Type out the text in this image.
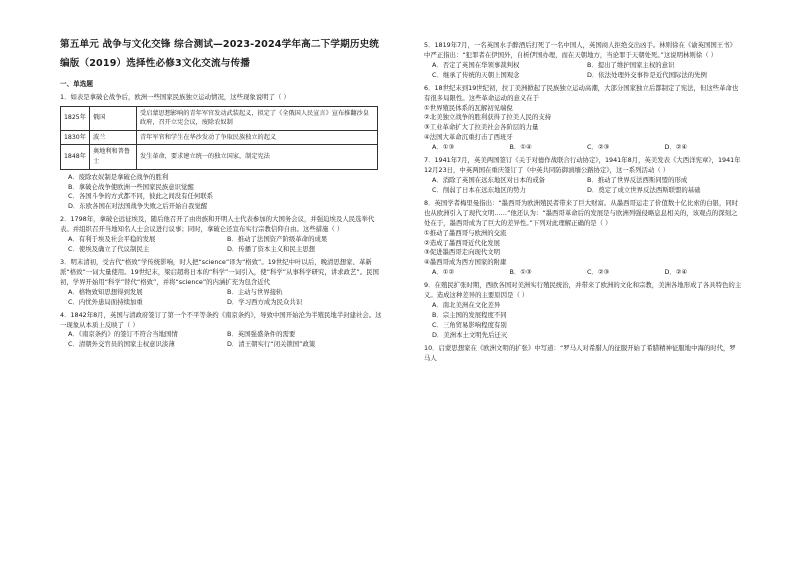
第五单元 战争与文化交锋 综合测试—2023-2024学年高二下学期历史统编版（2019）选择性必修3文化交流与传播
一、单选题
1．如表是拿破仑战争后，欧洲一些国家民族独立运动情况，这些现象说明了（ ）
1825年	俄国	受启蒙思想影响的青年军官发动武装起义，拟定了《全俄国人民宣言》宣布推翻沙皇政府，召开立宪会议，废除农奴制
1830年	波兰	青年军官和学生在华沙发动了争取民族独立的起义
1848年	奥地利和普鲁士	发生革命，要求建立统一的独立国家，制定宪法
A．废除农奴制是拿破仑战争的胜利
B．拿破仑战争使欧洲一些国家民族意识觉醒
C．各国斗争的方式都不同，彼此之间没有任何联系
D．东欧各国在对法国战争失败之后开始自我觉醒
2．1798年，拿破仑远征埃及，随后他召开了由贵族和开明人士代表参加的大国务会议，并强迫埃及人民选举代表。并组织召开当地知名人士会议进行议事；同时，拿破仑还宣布实行宗教信仰自由。这些措施（ ）
A．有利于埃及社会平稳的发展	B．推动了法国资产阶级革命的成果
C．使埃及确立了代议制民主	D．传播了资本主义和民主思想
3．明末清初，受古代“格致”学传统影响，时人把“science”译为“格致”。19世纪中叶以后，晚清思想家、革新派“格致”一词大量使用。19世纪末，梁启超将日本的“科学”一词引入，使“科学”从事科学研究，讲求政艺”。民国初，学界开始用“科学”替代“格致”，并将“science”的内涵扩充为包含近代
A．格物致知思想得到发展	B．主动与世界接轨
C．内忧外患局面持续加重	D．学习西方成为民众共识
4．1842年8月，英国与清政府签订了第一个不平等条约《南京条约》，导致中国开始沦为半殖民地半封建社会。这一现象从本质上反映了（ ）
A．《南京条约》的签订不符合当地国情	B．英国强盛条件的需要
C．清朝外交官员的国家主权意识淡薄	D．清王朝实行“闭关锁国”政策
5．1819年7月，一名英国水手醉酒后打死了一名中国人，英国商人拒绝交出凶手。林则徐在《谕英国国王书》中严正指出：“犯罪者在伊国外，自析伊国办理，而在天朝地方，当论罪于天朝处死。”这说明林则徐（ ）
A．否定了英国在华领事裁判权	B．提出了维护国家主权的意识
C．继承了传统的天朝上国观念	D．依法处理外交事件是近代国际法的先例
6．18世纪末到19世纪初，拉丁美洲掀起了民族独立运动高潮，大部分国家独立后都制定了宪法，但这些革命也有很多局限性。这些革命运动的意义在于
①世界殖民体系的瓦解初见端倪
②北美独立战争的胜利获得了拉美人民的支持
③工业革命扩大了拉美社会各阶层的力量
④法国大革命沉重打击了西班牙
A．①③	B．①④	C．②③	D．②④
7．1941年7月，英美两国签订《关于对德作战联合行动协定》，1941年8月，英美发表《大西洋宪章》，1941年12月23日，中英两国在重庆签订了《中英共同防御滇缅公路协定》，这一系列活动（ ）
A．消除了英国在远东地区对日本的戒备	B．推动了世界反法西斯同盟的形成
C．削弱了日本在远东地区的势力	D．奠定了成立世界反法西斯联盟的基础
8．英国学者梅里曼指出：“墨西哥为欧洲殖民者带来了巨大财富。从墨西哥运走了价值数十亿比索的白银，同时也从欧洲引入了现代文明……”他还认为：“墨西哥革命后的发展是与欧洲列强侵略息息相关的，该观点的深刻之处在于，墨西哥成为了巨大的差异性。”下列对此理解正确的是（ ）
①推动了墨西哥与欧洲的交流
②造成了墨西哥近代化发展
③促进墨西哥走向现代文明
④墨西哥成为西方国家的附庸
A．①②	B．①③	C．②③	D．②④
9．在殖民扩张时期，西欧各国对美洲实行殖民统治，并带来了欧洲的文化和宗教，美洲各地形成了各具特色的主义。造成这种差异的主要原因是（ ）
A．南北美洲在文化差异
B．宗主国的发展程度不同
C．三角贸易影响程度有别
D．美洲本土文明先后迁灭
10．启蒙思想家在《欧洲文明的扩张》中写道：“罗马人对希腊人的征服开始了希腊精神征服地中海的时代，罗马人
